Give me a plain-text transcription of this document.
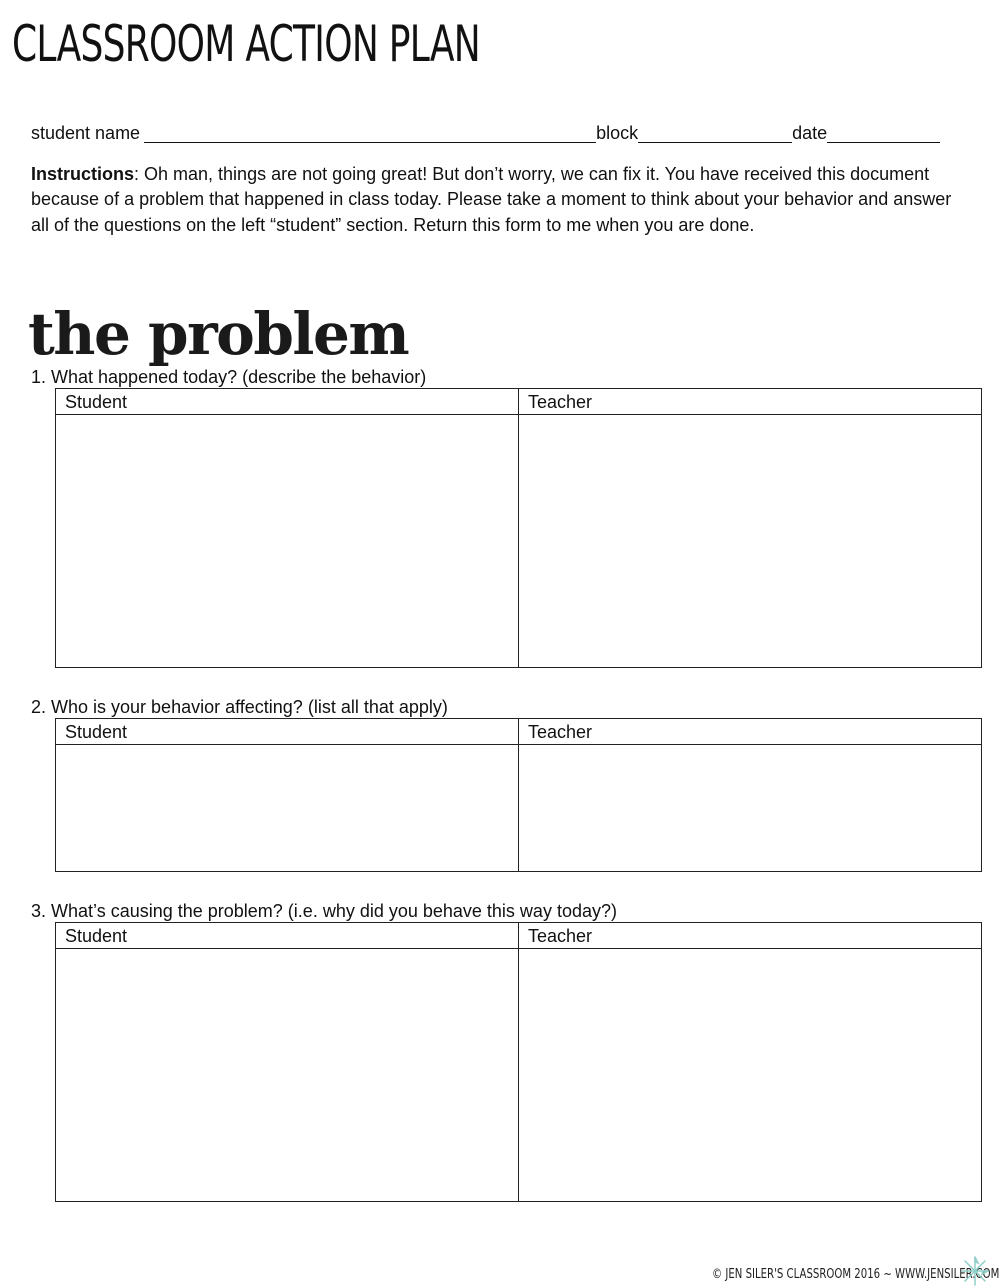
CLASSROOM ACTION PLAN
student name	block	date
Instructions: Oh man, things are not going great! But don’t worry, we can fix it. You have received this document because of a problem that happened in class today. Please take a moment to think about your behavior and answer all of the questions on the left “student” section. Return this form to me when you are done.
the problem
1. What happened today? (describe the behavior)
Student	Teacher
2. Who is your behavior affecting? (list all that apply)
Student	Teacher
3. What’s causing the problem? (i.e. why did you behave this way today?)
Student	Teacher
© JEN SILER'S CLASSROOM 2016 ~ WWW.JENSILER.COM
